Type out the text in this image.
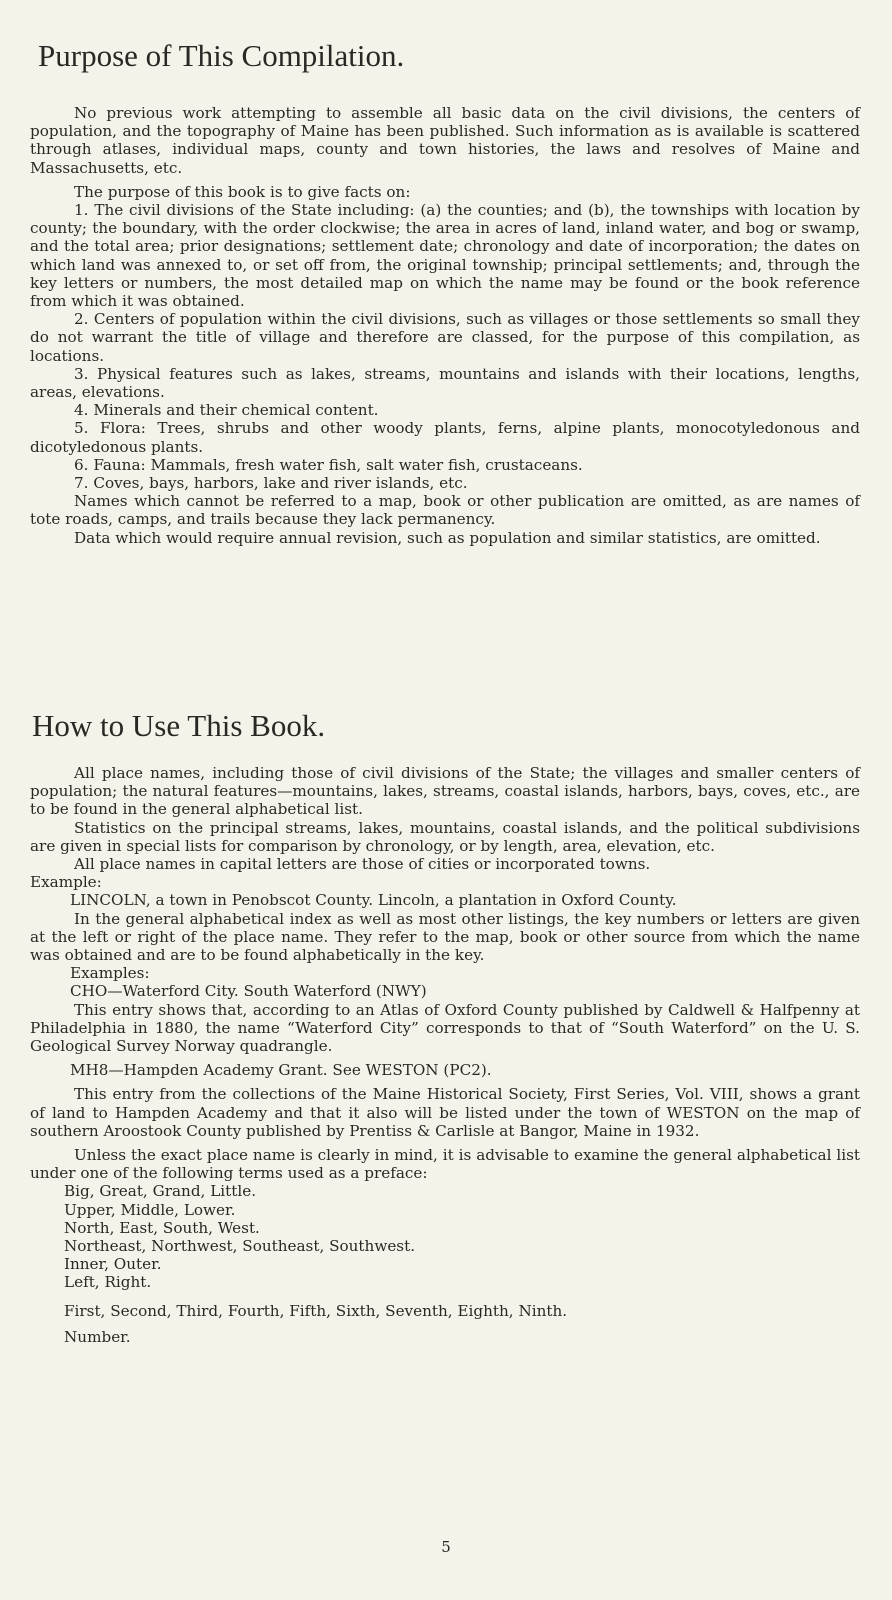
Purpose of This Compilation.

No previous work attempting to assemble all basic data on the civil divisions, the centers of population, and the topography of Maine has been published. Such information as is available is scattered through atlases, individual maps, county and town histories, the laws and resolves of Maine and Massachusetts, etc.

The purpose of this book is to give facts on:

1. The civil divisions of the State including: (a) the counties; and (b), the townships with location by county; the boundary, with the order clockwise; the area in acres of land, inland water, and bog or swamp, and the total area; prior designations; settlement date; chronology and date of incorporation; the dates on which land was annexed to, or set off from, the original township; principal settlements; and, through the key letters or numbers, the most detailed map on which the name may be found or the book reference from which it was obtained.

2. Centers of population within the civil divisions, such as villages or those settlements so small they do not warrant the title of village and therefore are classed, for the purpose of this compilation, as locations.

3. Physical features such as lakes, streams, mountains and islands with their locations, lengths, areas, elevations.

4. Minerals and their chemical content.

5. Flora: Trees, shrubs and other woody plants, ferns, alpine plants, monocotyledonous and dicotyledonous plants.

6. Fauna: Mammals, fresh water fish, salt water fish, crustaceans.

7. Coves, bays, harbors, lake and river islands, etc.

Names which cannot be referred to a map, book or other publication are omitted, as are names of tote roads, camps, and trails because they lack permanency.

Data which would require annual revision, such as population and similar statistics, are omitted.

How to Use This Book.

All place names, including those of civil divisions of the State; the villages and smaller centers of population; the natural features—mountains, lakes, streams, coastal islands, harbors, bays, coves, etc., are to be found in the general alphabetical list.

Statistics on the principal streams, lakes, mountains, coastal islands, and the political subdivisions are given in special lists for comparison by chronology, or by length, area, elevation, etc.

All place names in capital letters are those of cities or incorporated towns.

Example:

LINCOLN, a town in Penobscot County. Lincoln, a plantation in Oxford County.

In the general alphabetical index as well as most other listings, the key numbers or letters are given at the left or right of the place name. They refer to the map, book or other source from which the name was obtained and are to be found alphabetically in the key.

Examples:

CHO—Waterford City. South Waterford (NWY)

This entry shows that, according to an Atlas of Oxford County published by Caldwell & Halfpenny at Philadelphia in 1880, the name “Waterford City” corresponds to that of “South Waterford” on the U. S. Geological Survey Norway quadrangle.

MH8—Hampden Academy Grant. See WESTON (PC2).

This entry from the collections of the Maine Historical Society, First Series, Vol. VIII, shows a grant of land to Hampden Academy and that it also will be listed under the town of WESTON on the map of southern Aroostook County published by Prentiss & Carlisle at Bangor, Maine in 1932.

Unless the exact place name is clearly in mind, it is advisable to examine the general alphabetical list under one of the following terms used as a preface:

Big, Great, Grand, Little.
Upper, Middle, Lower.
North, East, South, West.
Northeast, Northwest, Southeast, Southwest.
Inner, Outer.
Left, Right.
First, Second, Third, Fourth, Fifth, Sixth, Seventh, Eighth, Ninth.
Number.
5
